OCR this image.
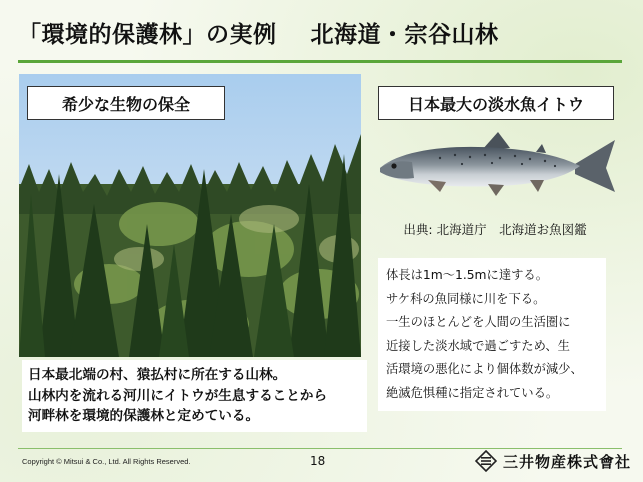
「環境的保護林」の実例 北海道・宗谷山林
希少な生物の保全	日本最大の淡水魚イトウ
出典: 北海道庁　北海道お魚図鑑
体長は1m～1.5mに達する。
サケ科の魚同様に川を下る。
一生のほとんどを人間の生活圏に
近接した淡水域で過ごすため、生
活環境の悪化により個体数が減少、
絶滅危惧種に指定されている。
日本最北端の村、猿払村に所在する山林。
山林内を流れる河川にイトウが生息することから
河畔林を環境的保護林と定めている。
Copyright © Mitsui & Co., Ltd. All Rights Reserved.	18	三井物産株式會社
